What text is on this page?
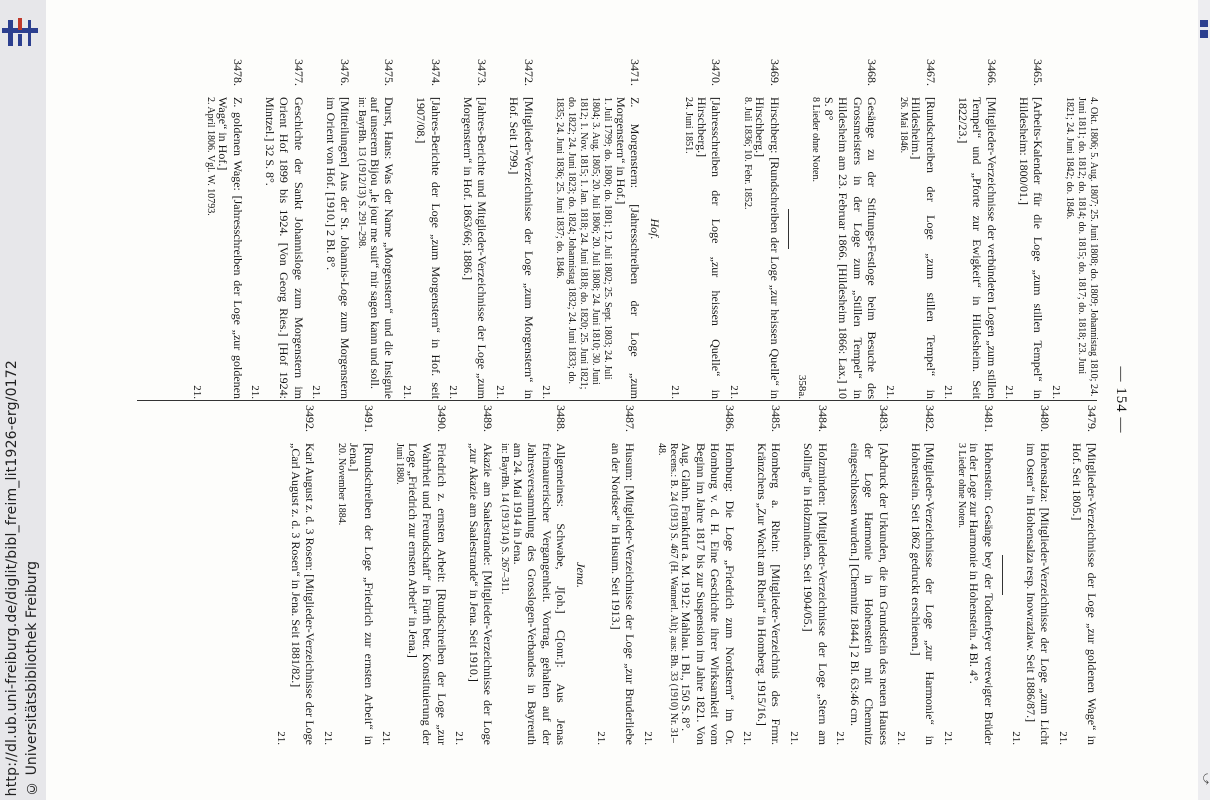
http://dl.ub.uni-freiburg.de/diglit/bibl_freim_lit1926-erg/0172 © Universitätsbibliothek Freiburg	⤹
— 154 —
4. Okt. 1806; 5. Aug. 1807; 25. Juni 1808; do. 1809; Johannistag 1810; 24. Juni 1811; do. 1812; do. 1814; do. 1815; do. 1817; do. 1818; 23. Juni 1821; 24. Juni 1842; do. 1846.
21.
3465.
[Arbeits-Kalender für die Loge „zum stillen Tempel“ in Hildesheim: 1800/01.]
21.
3466.
[Mitglieder-Verzeichnisse der verbündeten Logen „zum stillen Tempel“ und „Pforte zur Ewigkeit“ in Hildesheim. Seit 1822/23.]
21.
3467.
[Rundschreiben der Loge „zum stillen Tempel“ in Hildesheim.]
26. Mai 1846.
21.
3468.
Gesänge zu der Stiftungs-Festloge beim Besuche des Grossmeisters in der Loge zum „Stillen Tempel“ in Hildesheim am 23. Februar 1866. [Hildesheim 1866: Lax.] 10 S. 8°
8 Lieder ohne Noten.
358a.
3469.
Hirschberg: [Rundschreiben der Loge „zur heissen Quelle“ in Hirschberg.]
8. Juli 1836; 10. Febr. 1852.
21.
3470.
[Jahresschreiben der Loge „zur heissen Quelle“ in Hirschberg.]
24. Juni 1851.
21.
Hof.
3471.
Z. Morgenstern: [Jahresschreiben der Loge „zum Morgenstern“ in Hof.]
1. Juli 1799; do. 1800; do. 1801; 12. Juli 1802; 25. Sept. 1803; 24. Juli 1804; 3. Aug. 1805; 20. Juli 1806; 20. Juli 1808; 24. Juni 1810; 30. Juni 1812; 1. Nov. 1815; 1. Jan. 1818; 24. Juni 1818; do. 1820; 25. Juni 1821; do. 1822; 24. Juni 1823; do. 1824; Johannistag 1832; 24. Juni 1833; do. 1835; 24. Juni 1836; 25. Juni 1837; do. 1846.
21.
3472.
[Mitglieder-Verzeichnisse der Loge „zum Morgenstern“ in Hof. Seit 1799.]
21.
3473.
[Jahres-Berichte und Mitglieder-Verzeichnisse der Loge „zum Morgenstern“ in Hof. 1863/66; 1886.]
21.
3474.
[Jahres-Berichte der Loge „zum Morgenstern“ in Hof. seit 1907/08.]
21.
3475.
Durst, Hans: Was der Name „Morgenstern“ und die Insignie auf unserem Bijou „le jour me suit“ mir sagen kann und soll.
in: BayrBh. 13 (1912/13) S. 291–298.
3476.
[Mitteilungen] Aus der St. Johannis-Loge zum Morgenstern im Orient von Hof. [1910.] 2 Bl. 8°.
21.
3477.
Geschichte der Sankt Johannisloge zum Morgenstern im Orient Hof 1899 bis 1924. [Von Georg Ries.] [Hof 1924: Mintzel.] 32 S. 8°.
21.
3478.
Z. goldenen Wage: [Jahresschreiben der Loge „zur goldenen Wage“ in Hof.]
2. April 1806. Vgl. W. 10793.
21.
3479.
[Mitglieder-Verzeichnisse der Loge „zur goldenen Wage“ in Hof. Seit 1805.]
21.
3480.
Hohensalza: [Mitglieder-Verzeichnisse der Loge „zum Licht im Osten“ in Hohensalza resp. Inowrazlaw. Seit 1886/87.]
21.
3481.
Hohenstein: Gesänge bey der Todtenfeyer verewigter Brüder in der Loge zur Harmonie in Hohenstein. 4 Bl. 4°.
3 Lieder ohne Noten.
21.
3482.
[Mitglieder-Verzeichnisse der Loge „zur Harmonie“ in Hohenstein. Seit 1862 gedruckt erschienen.]
21.
3483.
[Abdruck der Urkunden, die im Grundstein des neuen Hauses der Loge Harmonie in Hohenstein mit Chemnitz eingeschlossen wurden.] [Chemnitz 1844.] 2 Bl. 63:46 cm.
21.
3484.
Holzminden: [Mitglieder-Verzeichnisse der Loge „Stern am Solling“ in Holzminden. Seit 1904/05.]
21.
3485.
Homberg a. Rhein: [Mitglieder-Verzeichnis des Frmr. Kränzchens „Zur Wacht am Rhein“ in Homberg. 1915/16.]
21.
3486.
Homburg: Die Loge „Friedrich zum Nordstern“ im Or. Homburg v. d. H. Eine Geschichte ihrer Wirksamkeit vom Beginn im Jahre 1817 bis zur Suspension im Jahre 1821. Von Aug. Glahn. Frankfurt a. M. 1912: Mahlau. 1 Bl., 150 S. 8°.
Recens.: B. 24 (1913) S. 467 (H. Wannerl. Alt); aus: Bh. 33 (1910) Nr. 31–48.
21.
3487.
Husum: [Mitglieder-Verzeichnisse der Loge „zur Bruderliebe an der Nordsee“ in Husum. Seit 1913.]
21.
Jena.
3488.
Allgemeines: Schwabe, J[oh.] C[onr.]: Aus Jenas freimaurerischer Vergangenheit. Vortrag, gehalten auf der Jahresversammlung des Grosslogen-Verbandes in Bayreuth am 24. Mai 1914 in Jena.
in: BayrBh. 14 (1913/14) S. 267–311.
3489.
Akazie am Saalestrande: [Mitglieder-Verzeichnisse der Loge „zur Akazie am Saalestrande“ in Jena. Seit 1910.]
21.
3490.
Friedrich z. ernsten Arbeit: [Rundschreiben der Loge „zur Wahrheit und Freundschaft“ in Fürth betr. Konstituierung der Loge „Friedrich zur ernsten Arbeit“ in Jena.]
Juni 1880.
21.
3491.
[Rundschreiben der Loge „Friedrich zur ernsten Arbeit“ in Jena.]
20. November 1884.
21.
3492.
Karl August z. d. 3 Rosen: [Mitglieder-Verzeichnisse der Loge „Carl August z. d. 3 Rosen“ in Jena. Seit 1881/82.]
21.
